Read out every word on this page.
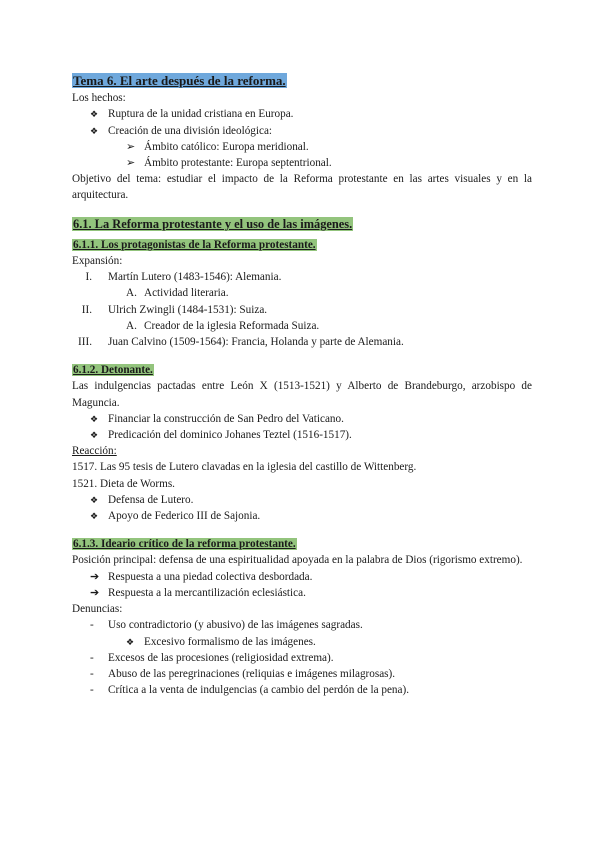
Tema 6. El arte después de la reforma.
Los hechos:
❖ Ruptura de la unidad cristiana en Europa.
❖ Creación de una división ideológica:
➢ Ámbito católico: Europa meridional.
➢ Ámbito protestante: Europa septentrional.
Objetivo del tema: estudiar el impacto de la Reforma protestante en las artes visuales y en la arquitectura.
6.1. La Reforma protestante y el uso de las imágenes.
6.1.1. Los protagonistas de la Reforma protestante.
Expansión:
I. Martín Lutero (1483-1546): Alemania.
A. Actividad literaria.
II. Ulrich Zwingli (1484-1531): Suiza.
A. Creador de la iglesia Reformada Suiza.
III. Juan Calvino (1509-1564): Francia, Holanda y parte de Alemania.
6.1.2. Detonante.
Las indulgencias pactadas entre León X (1513-1521) y Alberto de Brandeburgo, arzobispo de Maguncia.
❖ Financiar la construcción de San Pedro del Vaticano.
❖ Predicación del dominico Johanes Teztel (1516-1517).
Reacción:
1517. Las 95 tesis de Lutero clavadas en la iglesia del castillo de Wittenberg.
1521. Dieta de Worms.
❖ Defensa de Lutero.
❖ Apoyo de Federico III de Sajonia.
6.1.3. Ideario crítico de la reforma protestante.
Posición principal: defensa de una espiritualidad apoyada en la palabra de Dios (rigorismo extremo).
➔ Respuesta a una piedad colectiva desbordada.
➔ Respuesta a la mercantilización eclesiástica.
Denuncias:
- Uso contradictorio (y abusivo) de las imágenes sagradas.
❖ Excesivo formalismo de las imágenes.
- Excesos de las procesiones (religiosidad extrema).
- Abuso de las peregrinaciones (reliquias e imágenes milagrosas).
- Crítica a la venta de indulgencias (a cambio del perdón de la pena).
